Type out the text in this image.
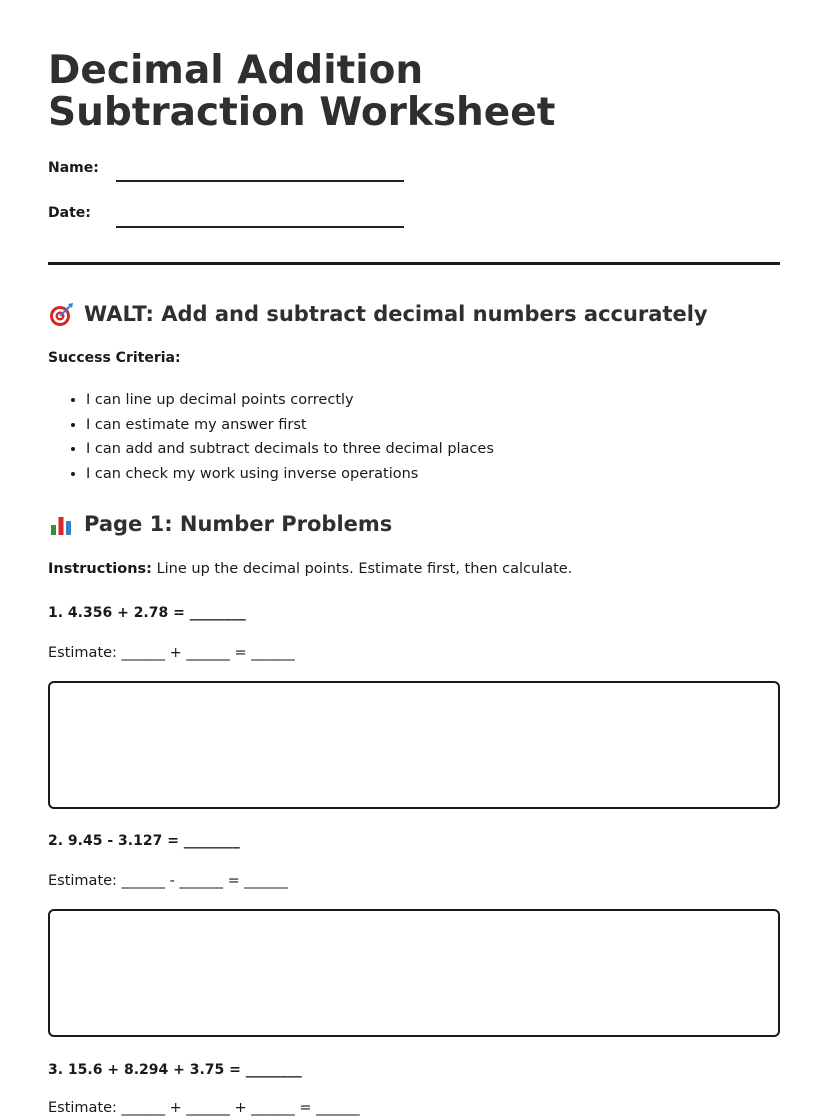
Decimal Addition Subtraction Worksheet
Name:
Date:
WALT: Add and subtract decimal numbers accurately
Success Criteria:
• I can line up decimal points correctly
• I can estimate my answer first
• I can add and subtract decimals to three decimal places
• I can check my work using inverse operations
Page 1: Number Problems
Instructions: Line up the decimal points. Estimate first, then calculate.
1. 4.356 + 2.78 = ________
Estimate: ______ + ______ = ______
2. 9.45 - 3.127 = ________
Estimate: ______ - ______ = ______
3. 15.6 + 8.294 + 3.75 = ________
Estimate: ______ + ______ + ______ = ______
